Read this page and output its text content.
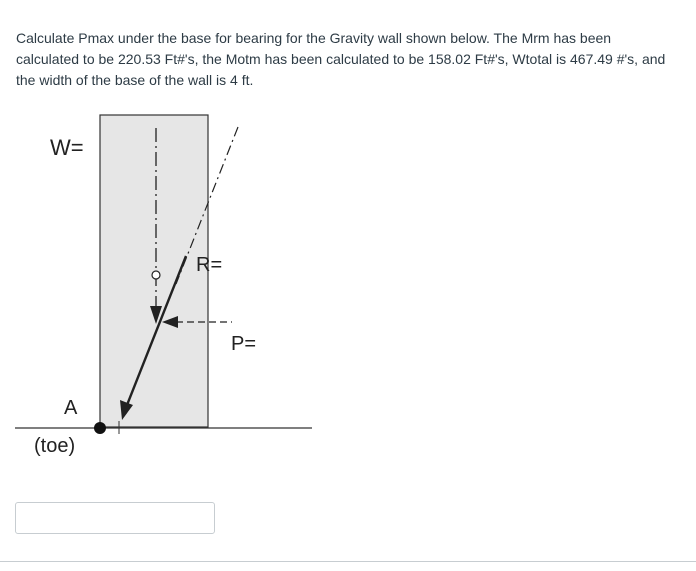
Calculate Pmax under the base for bearing for the Gravity wall shown below. The Mrm has been calculated to be 220.53 Ft#'s, the Motm has been calculated to be 158.02 Ft#'s, Wtotal is 467.49 #'s, and the width of the base of the wall is 4 ft.

W=
R=
P=
A
(toe)
